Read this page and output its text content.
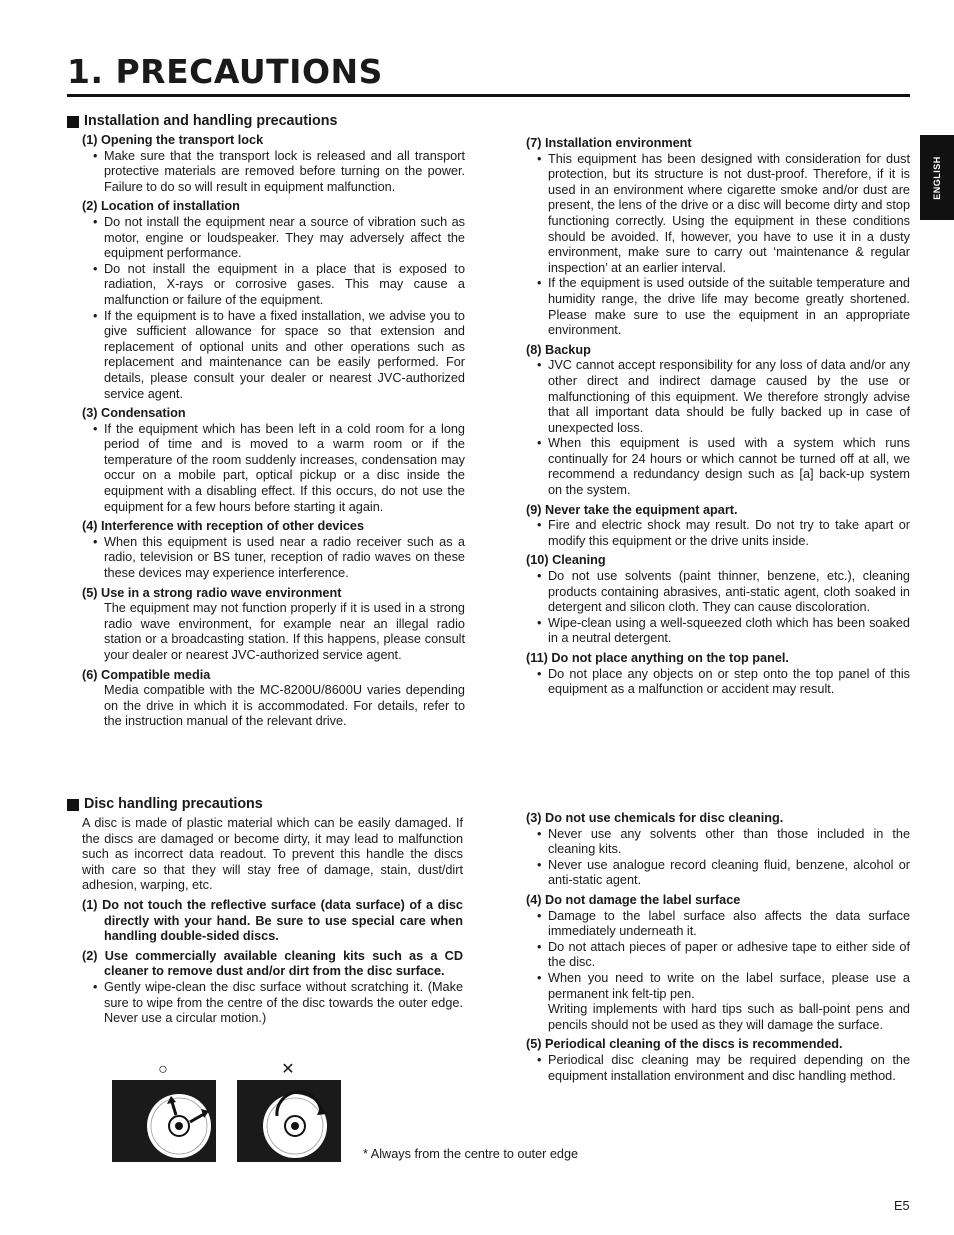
1. PRECAUTIONS
ENGLISH
Installation and handling precautions
(1) Opening the transport lock
• Make sure that the transport lock is released and all transport protective materials are removed before turning on the power. Failure to do so will result in equipment malfunction.
(2) Location of installation
• Do not install the equipment near a source of vibration such as motor, engine or loudspeaker. They may adversely affect the equipment performance.
• Do not install the equipment in a place that is exposed to radiation, X-rays or corrosive gases. This may cause a malfunction or failure of the equipment.
• If the equipment is to have a fixed installation, we advise you to give sufficient allowance for space so that extension and replacement of optional units and other operations such as replacement and maintenance can be easily performed. For details, please consult your dealer or nearest JVC-authorized service agent.
(3) Condensation
• If the equipment which has been left in a cold room for a long period of time and is moved to a warm room or if the temperature of the room suddenly increases, condensation may occur on a mobile part, optical pickup or a disc inside the equipment with a disabling effect. If this occurs, do not use the equipment for a few hours before starting it again.
(4) Interference with reception of other devices
• When this equipment is used near a radio receiver such as a radio, television or BS tuner, reception of radio waves on these these devices may experience interference.
(5) Use in a strong radio wave environment
The equipment may not function properly if it is used in a strong radio wave environment, for example near an illegal radio station or a broadcasting station. If this happens, please consult your dealer or nearest JVC-authorized service agent.
(6) Compatible media
Media compatible with the MC-8200U/8600U varies depending on the drive in which it is accommodated. For details, refer to the instruction manual of the relevant drive.
(7) Installation environment
• This equipment has been designed with consideration for dust protection, but its structure is not dust-proof. Therefore, if it is used in an environment where cigarette smoke and/or dust are present, the lens of the drive or a disc will become dirty and stop functioning correctly. Using the equipment in these conditions should be avoided. If, however, you have to use it in a dusty environment, make sure to carry out ‘maintenance & regular inspection’ at an earlier interval.
• If the equipment is used outside of the suitable temperature and humidity range, the drive life may become greatly shortened. Please make sure to use the equipment in an appropriate environment.
(8) Backup
• JVC cannot accept responsibility for any loss of data and/or any other direct and indirect damage caused by the use or malfunctioning of this equipment. We therefore strongly advise that all important data should be fully backed up in case of unexpected loss.
• When this equipment is used with a system which runs continually for 24 hours or which cannot be turned off at all, we recommend a redundancy design such as [a] back-up system on the system.
(9) Never take the equipment apart.
• Fire and electric shock may result. Do not try to take apart or modify this equipment or the drive units inside.
(10) Cleaning
• Do not use solvents (paint thinner, benzene, etc.), cleaning products containing abrasives, anti-static agent, cloth soaked in detergent and silicon cloth. They can cause discoloration.
• Wipe-clean using a well-squeezed cloth which has been soaked in a neutral detergent.
(11) Do not place anything on the top panel.
• Do not place any objects on or step onto the top panel of this equipment as a malfunction or accident may result.
Disc handling precautions
A disc is made of plastic material which can be easily damaged. If the discs are damaged or become dirty, it may lead to malfunction such as incorrect data readout. To prevent this handle the discs with care so that they will stay free of damage, stain, dust/dirt adhesion, warping, etc.
(1) Do not touch the reflective surface (data surface) of a disc directly with your hand. Be sure to use special care when handling double-sided discs.
(2) Use commercially available cleaning kits such as a CD cleaner to remove dust and/or dirt from the disc surface.
• Gently wipe-clean the disc surface without scratching it. (Make sure to wipe from the centre of the disc towards the outer edge. Never use a circular motion.)
(3) Do not use chemicals for disc cleaning.
• Never use any solvents other than those included in the cleaning kits.
• Never use analogue record cleaning fluid, benzene, alcohol or anti-static agent.
(4) Do not damage the label surface
• Damage to the label surface also affects the data surface immediately underneath it.
• Do not attach pieces of paper or adhesive tape to either side of the disc.
• When you need to write on the label surface, please use a permanent ink felt-tip pen.
Writing implements with hard tips such as ball-point pens and pencils should not be used as they will damage the surface.
(5) Periodical cleaning of the discs is recommended.
• Periodical disc cleaning may be required depending on the equipment installation environment and disc handling method.
○	✕
* Always from the centre to outer edge
E5
